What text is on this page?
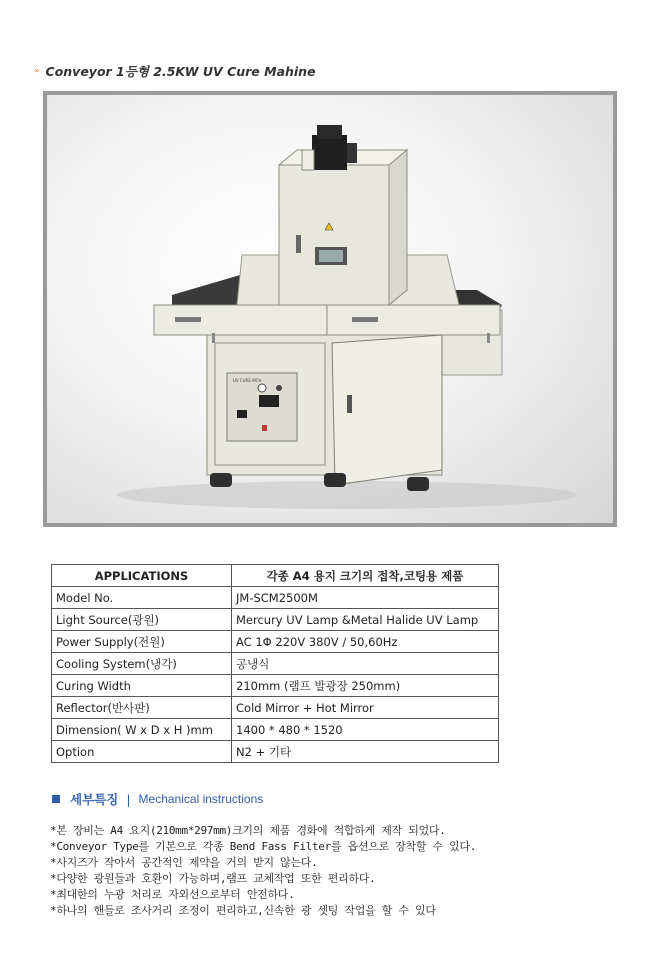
» Conveyor 1등형 2.5KW UV Cure Mahine
UV CURE MCH
APPLICATIONS	각종 A4 용지 크기의 접착,코팅용 제품
Model No.	JM-SCM2500M
Light Source(광원)	Mercury UV Lamp &Metal Halide UV Lamp
Power Supply(전원)	AC 1Φ 220V 380V / 50,60Hz
Cooling System(냉각)	공냉식
Curing Width	210mm (램프 발광장 250mm)
Reflector(반사판)	Cold Mirror + Hot Mirror
Dimension( W x D x H )mm	1400 * 480 * 1520
Option	N2 + 기타
세부특징 | Mechanical instructions
*본 장비는 A4 요지(210mm*297mm)크기의 제품 경화에 적합하게 제작 되었다.
*Conveyor Type를 기본으로 각종 Bend Fass Filter를 옵션으로 장착할 수 있다.
*사지즈가 작아서 공간적인 제약을 거의 받지 않는다.
*다양한 광원들과 호환이 가능하며,램프 교체작업 또한 편리하다.
*최대한의 누광 처리로 자외선으로부터 안전하다.
*하나의 핸들로 조사거리 조정이 편리하고,신속한 광 셋팅 작업을 할 수 있다
